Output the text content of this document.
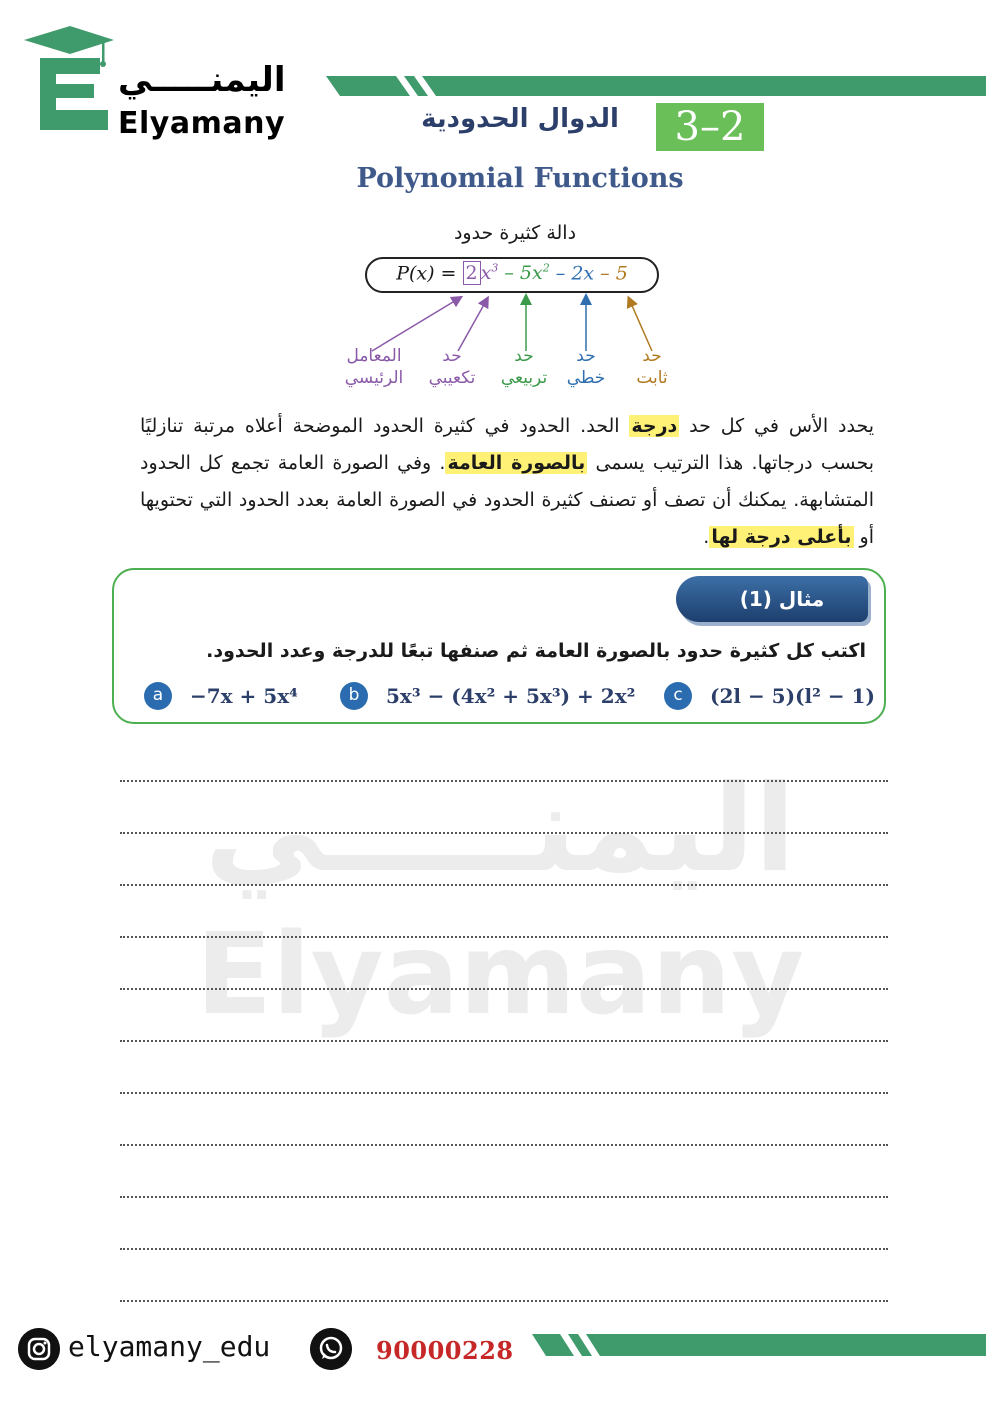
اليمنـــــي
Elyamany	3–2
الدوال الحدودية
Polynomial Functions
دالة كثيرة حدود
P(x) = 2 $x^3 - 5x^2 - 2x - 5$
المعامل
الرئيسي
حد
تكعيبي
حد
تربيعي
حد
خطي
حد
ثابت
يحدد الأس في كل حد درجة الحد. الحدود في كثيرة الحدود الموضحة أعلاه مرتبة تنازليًا بحسب درجاتها. هذا الترتيب يسمى بالصورة العامة. وفي الصورة العامة تجمع كل الحدود المتشابهة. يمكنك أن تصف أو تصنف كثيرة الحدود في الصورة العامة بعدد الحدود التي تحتويها أو بأعلى درجة لها.
مثال (1)
اكتب كل كثيرة حدود بالصورة العامة ثم صنفها تبعًا للدرجة وعدد الحدود.
a	−7x + 5x⁴	b	5x³ − (4x² + 5x³) + 2x²	c	(2l − 5)(l² − 1)
اليمنـــــي
Elyamany
elyamany_edu	90000228
